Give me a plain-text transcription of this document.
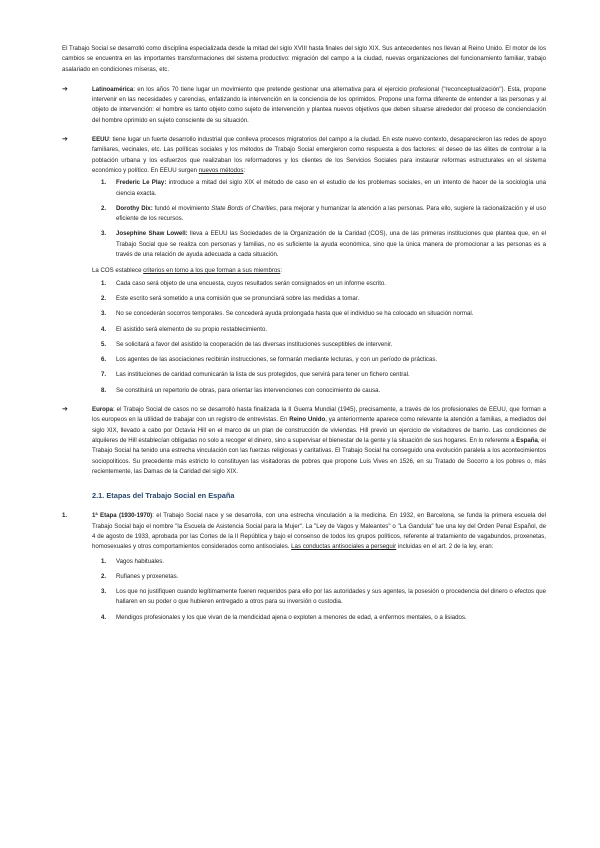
El Trabajo Social se desarrolló como disciplina especializada desde la mitad del siglo XVIII hasta finales del siglo XIX. Sus antecedentes nos llevan al Reino Unido. El motor de los cambios se encuentra en las importantes transformaciones del sistema productivo: migración del campo a la ciudad, nuevas organizaciones del funcionamiento familiar, trabajo asalariado en condiciones míseras, etc.

➔	Latinoamérica: en los años 70 tiene lugar un movimiento que pretende gestionar una alternativa para el ejercicio profesional ("reconceptualización"). Esta, propone intervenir en las necesidades y carencias, enfatizando la intervención en la conciencia de los oprimidos. Propone una forma diferente de entender a las personas y al objeto de intervención: el hombre es tanto objeto como sujeto de intervención y plantea nuevos objetivos que deben situarse alrededor del proceso de concienciación del hombre oprimido en sujeto consciente de su situación.

➔	EEUU: tiene lugar un fuerte desarrollo industrial que conlleva procesos migratorios del campo a la ciudad. En este nuevo contexto, desaparecieron las redes de apoyo familiares, vecinales, etc. Las políticas sociales y los métodos de Trabajo Social emergieron como respuesta a dos factores: el deseo de las élites de controlar a la población urbana y los esfuerzos que realizaban los reformadores y los clientes de los Servicios Sociales para instaurar reformas estructurales en el sistema económico y político. En EEUU surgen nuevos métodos:

1. Frederic Le Play: introduce a mitad del siglo XIX el método de caso en el estudio de los problemas sociales, en un intento de hacer de la sociología una ciencia exacta.
2. Dorothy Dix: fundó el movimiento State Bords of Charities, para mejorar y humanizar la atención a las personas. Para ello, sugiere la racionalización y el uso eficiente de los recursos.
3. Josephine Shaw Lowell: lleva a EEUU las Sociedades de la Organización de la Caridad (COS), una de las primeras instituciones que plantea que, en el Trabajo Social que se realiza con personas y familias, no es suficiente la ayuda económica, sino que la única manera de promocionar a las personas es a través de una relación de ayuda adecuada a cada situación.

La COS establece criterios en torno a los que forman a sus miembros:

1. Cada caso será objeto de una encuesta, cuyos resultados serán consignados en un informe escrito.
2. Este escrito será sometido a una comisión que se pronunciará sobre las medidas a tomar.
3. No se concederán socorros temporales. Se concederá ayuda prolongada hasta que el individuo se ha colocado en situación normal.
4. El asistido será elemento de su propio restablecimiento.
5. Se solicitará a favor del asistido la cooperación de las diversas instituciones susceptibles de intervenir.
6. Los agentes de las asociaciones recibirán instrucciones, se formarán mediante lecturas, y con un período de prácticas.
7. Las instituciones de caridad comunicarán la lista de sus protegidos, que servirá para tener un fichero central.
8. Se constituirá un repertorio de obras, para orientar las intervenciones con conocimiento de causa.
➔	Europa: el Trabajo Social de casos no se desarrolló hasta finalizada la II Guerra Mundial (1945), precisamente, a través de los profesionales de EEUU, que forman a los europeos en la utilidad de trabajar con un registro de entrevistas. En Reino Unido, ya anteriormente aparece como relevante la atención a familias, a mediados del siglo XIX, llevado a cabo por Octavia Hill en el marco de un plan de construcción de viviendas. Hill previó un ejercicio de visitadores de barrio. Las condiciones de alquileres de Hill establecían obligadas no solo a recoger el dinero, sino a supervisar el bienestar de la gente y la situación de sus hogares. En lo referente a España, el Trabajo Social ha tenido una estrecha vinculación con las fuerzas religiosas y caritativas. El Trabajo Social ha conseguido una evolución paralela a los acontecimientos sociopolíticos. Su precedente más estricto lo constituyen las visitadoras de pobres que propone Luis Vives en 1526, en su Tratado de Socorro a los pobres o, más recientemente, las Damas de la Caridad del siglo XIX.

2.1. Etapas del Trabajo Social en España
1.	1ª Etapa (1930-1970): el Trabajo Social nace y se desarrolla, con una estrecha vinculación a la medicina. En 1932, en Barcelona, se funda la primera escuela del Trabajo Social bajo el nombre "la Escuela de Asistencia Social para la Mujer". La "Ley de Vagos y Maleantes" o "La Gandula" fue una ley del Orden Penal Español, de 4 de agosto de 1933, aprobada por las Cortes de la II República y bajo el consenso de todos los grupos políticos, referente al tratamiento de vagabundos, proxenetas, homosexuales y otros comportamientos considerados como antisociales. Las conductas antisociales a perseguir incluidas en el art. 2 de la ley, eran:

1. Vagos habituales.
2. Rufianes y proxenetas.
3. Los que no justifiquen cuando legítimamente fueren requeridos para ello por las autoridades y sus agentes, la posesión o procedencia del dinero o efectos que hallaren en su poder o que hubieren entregado a otros para su inversión o custodia.
4. Mendigos profesionales y los que vivan de la mendicidad ajena o exploten a menores de edad, a enfermos mentales, o a lisiados.
